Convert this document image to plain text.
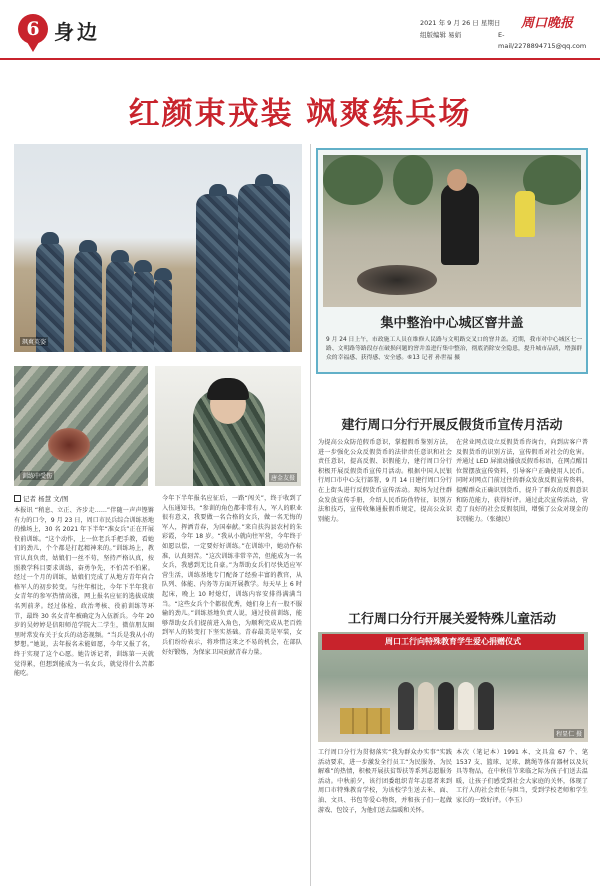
6 身边	2021 年 9 月 26 日 星期日
组版编辑 易娟	E-mail/2278894715@qq.com
周口晚报
红颜束戎装 飒爽练兵场
飒爽英姿
训练中受伤	唐金友摄
记者 杨慧 文/图
本报讯 “稍息、立正、齐步走……”伴随一声声铿锵有力的口令，9 月 23 日，周口市民兵综合训练基地的操场上，30 名 2021 年下半年“准女兵”正在开展役前训练。“这个动作，上一位老兵手把手教，看她们的劲儿，个个都是打起精神来的。”训练场上，教官认真负责，姑娘们一丝不苟，坚持严格认真，按照教学科目要求训练，奋勇争先，不怕苦不怕累。经过一个月的训练，姑娘们完成了从地方青年向合格军人的初步转变。与往年相比，今年下半年我市女青年的参军热情高涨，网上报名应征的选拔成绩名列前茅。经过体检、政治考核、役前训练等环节，最终 30 名女青年被确定为入伍新兵。今年 20 岁的吴婷婷是信阳师范学院大二学生，微信朋友圈里时常发布关于女兵的动态视频。“当兵是我从小的梦想。”她说，去年报名未能如愿，今年又报了名，终于实现了这个心愿。她告诉记者，训练第一天就觉得累，但想到能成为一名女兵，就觉得什么苦都能吃。
今年下半年报名应征后，一路“闯关”，终于收到了入伍通知书。“参训的角色都非常有人，军人的职业很有意义，我要做一名合格的女兵，做一名无悔的军人，挥洒青春，为国奉献。”来自扶沟县农村的朱彩霞，今年 18 岁。“我从小就向往军营，今年终于如愿以偿，一定要好好训练。”在训练中，她动作标准，认真刻苦。“这次训练非常辛苦，但能成为一名女兵，我感到无比自豪。”为帮助女兵们尽快适应军营生活，训练基地专门配备了经验丰富的教官，从队列、体能、内务等方面开展教学。每天早上 6 时起床，晚上 10 时熄灯，训练内容安排得满满当当。“这些女兵个个都很优秀，她们身上有一股不服输的劲儿。”训练基地负责人说，通过役前训练，能够帮助女兵们提前进入角色，为顺利完成从老百姓到军人的转变打下坚实基础。青春最美是军装，女兵们纷纷表示，将珍惜这来之不易的机会，在部队好好锻炼，为保家卫国贡献青春力量。
集中整治中心城区窨井盖
9 月 24 日上午，市政施工人员在维修人民路与文明路交叉口的窨井盖。近期，我市对中心城区七一路、文明路等路段存在破损问题的窨井盖进行集中整治，彻底消除安全隐患，提升城市品质，增强群众的幸福感、获得感、安全感。⑥13 记者 孙世福 摄
建行周口分行开展反假货币宣传月活动
为提高公众防范假币意识，掌握假币鉴别方法，进一步强化公众反假货币的法律责任意识和社会责任意识，提高反假、识假能力，建行周口分行积极开展反假货币宣传月活动。根据中国人民银行周口市中心支行部署，9 月 14 日建行周口分行在上街头进行反假货币宣传活动。现场为过往群众发放宣传手册，介绍人民币防伪特征，识别方法和技巧，宣传收集通报假币规定，提高公众识别能力。
在营业网点设立反假货币咨询台，向到店客户普及假货币的识别方法，宣传假币对社会的危害。并通过 LED 屏滚动播放反假币标语，在网点醒目位置摆放宣传资料，引导客户正确使用人民币。同时对网点门前过往的群众发放反假宣传资料，提醒群众正确识别货币，提升了群众的反假意识和防范能力，获得好评。通过此次宣传活动，营造了良好的社会反假氛围，增强了公众对现金的识别能力。（张德民）
工行周口分行开展关爱特殊儿童活动
周口工行向特殊教育学生爱心捐赠仪式
程显仁 摄
工行周口分行为贯彻落实“我为群众办实事”实践活动要求，进一步激发全行员工“为民服务、为民解难”的热情，积极开展扶贫帮扶等系列志愿服务活动。中秋前夕，该行团委组织青年志愿者来到周口市特殊教育学校，为该校学生送去米、面、油、文具、书包等爱心物资，并和孩子们一起做游戏、包饺子，为他们送去温暖和关怀。
本次（笔记本）1991 本、文具盒 67 个、笔 1537 支、篮球、足球、跳绳等体育器材以及玩具等物品，在中秋佳节来临之际为孩子们送去温暖，让孩子们感受到社会大家庭的关怀，体现了工行人的社会责任与担当，受到学校老师和学生家长的一致好评。（李玉）
